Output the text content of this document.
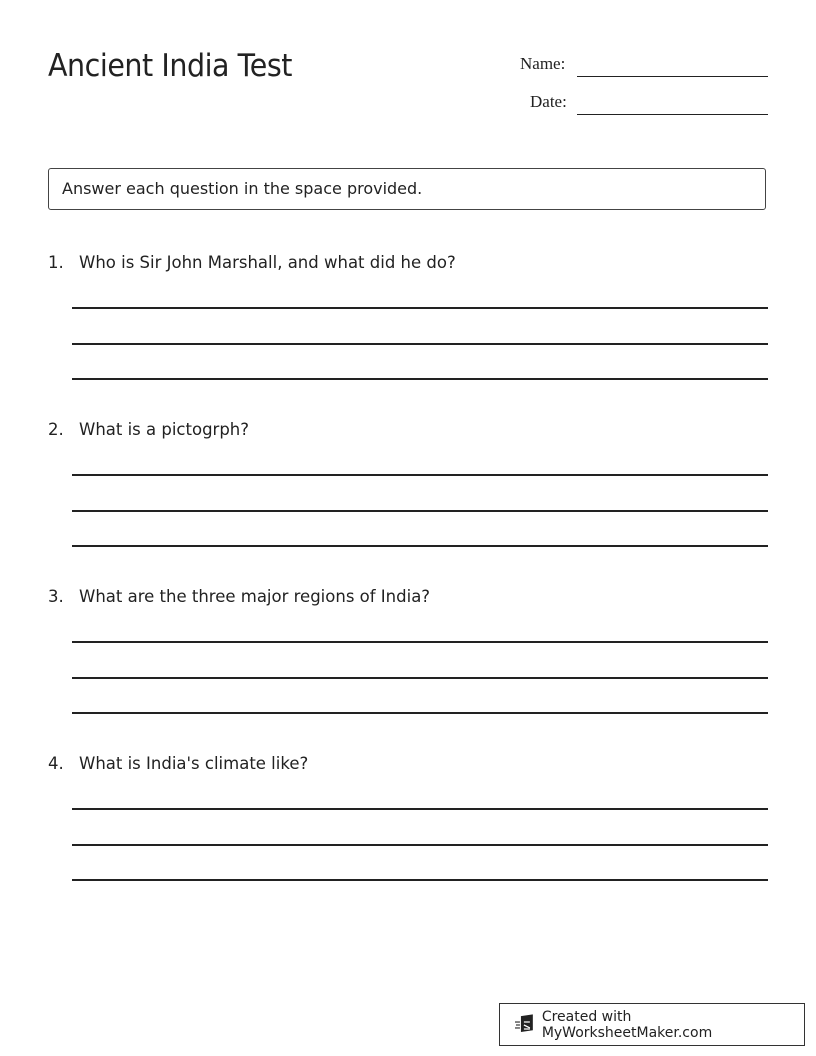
Ancient India Test	Name:
Date:
Answer each question in the space provided.
1. Who is Sir John Marshall, and what did he do?
2. What is a pictogrph?
3. What are the three major regions of India?
4. What is India's climate like?
Created with MyWorksheetMaker.com
